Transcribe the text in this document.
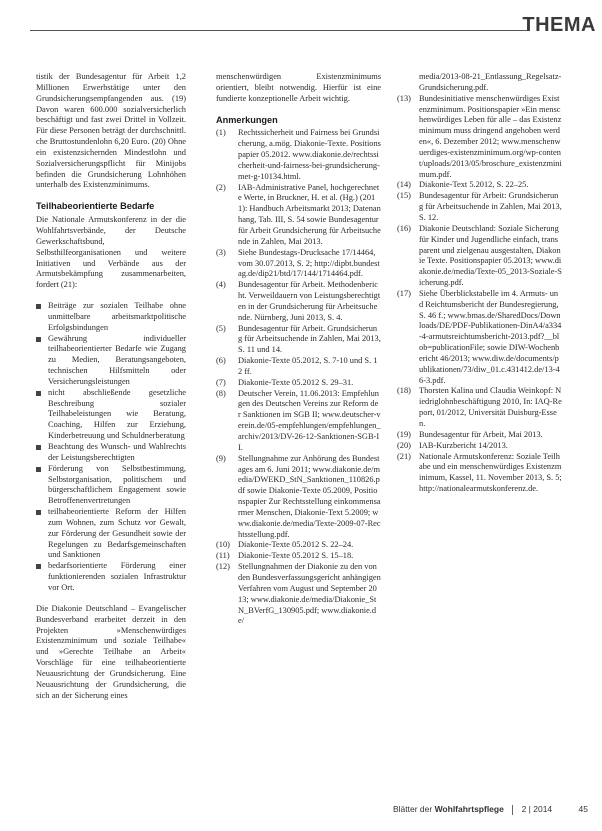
THEMA

tistik der Bundesagentur für Arbeit 1,2 Millionen Erwerbstätige unter den Grundsicherungsempfangenden aus. (19) Davon waren 600.000 sozialversicherlich beschäftigt und fast zwei Drittel in Vollzeit. Für diese Personen beträgt der durchschnittl. che Bruttostundenlohn 6,20 Euro. (20) Ohne ein existenzsichernden Mindestlohn und Sozialversicherungspflicht für Minijobs befinden die Grundsicherung Lohnhöhen unterhalb des Existenzminimums.

Teilhabeorientierte Bedarfe

Die Nationale Armutskonferenz in der die Wohlfahrtsverbände, der Deutsche Gewerkschaftsbund, Selbsthilfeorganisationen und weitere Initiativen und Verbände aus der Armutsbekämpfung zusammenarbeiten, fordert (21):

Beiträge zur sozialen Teilhabe ohne unmittelbare arbeitsmarktpolitische Erfolgsbindungen
Gewährung individueller teilhabeorientierter Bedarfe wie Zugang zu Medien, Beratungsangeboten, technischen Hilfsmitteln oder Versicherungsleistungen
nicht abschließende gesetzliche Beschreibung sozialer Teilhabeleistungen wie Beratung, Coaching, Hilfen zur Erziehung, Kinderbetreuung und Schuldnerberatung
Beachtung des Wunsch- und Wahlrechts der Leistungsberechtigten
Förderung von Selbstbestimmung, Selbstorganisation, politischem und bürgerschaftlichem Engagement sowie Betroffenenvertretungen
teilhabeorientierte Reform der Hilfen zum Wohnen, zum Schutz vor Gewalt, zur Förderung der Gesundheit sowie der Regelungen zu Bedarfsgemeinschaften und Sanktionen
bedarfsorientierte Förderung einer funktionierenden sozialen Infrastruktur vor Ort.

Die Diakonie Deutschland – Evangelischer Bundesverband erarbeitet derzeit in den Projekten »Menschenwürdiges Existenzminimum und soziale Teilhabe« und »Gerechte Teilhabe an Arbeit« Vorschläge für eine teilhabeorientierte Neuausrichtung der Grundsicherung. Eine Neuausrichtung der Grundsicherung, die sich an der Sicherung eines

menschenwürdigen Existenzminimums orientiert, bleibt notwendig. Hierfür ist eine fundierte konzeptionelle Arbeit wichtig.

Anmerkungen
(1)	Rechtssicherheit und Fairness bei Grundsicherung, a.mög. Diakonie-Texte. Positionspapier 05.2012. www.diakonie.de/rechtssicherheit-und-fairness-bei-grundsicherung-met-g-10134.html.
(2)	IAB-Administrative Panel, hochgerechnete Werte, in Bruckner, H. et al. (Hg.) (2011): Handbuch Arbeitsmarkt 2013; Datenanhang, Tab. III, S. 54 sowie Bundesagentur für Arbeit Grundsicherung für Arbeitsuchende in Zahlen, Mai 2013.
(3)	Siehe Bundestags-Drucksache 17/14464, vom 30.07.2013, S. 2; http://dipbt.bundestag.de/dip21/btd/17/144/1714464.pdf.
(4)	Bundesagentur für Arbeit. Methodenbericht. Verweildauern von Leistungsberechtigten in der Grundsicherung für Arbeitsuchende. Nürnberg, Juni 2013, S. 4.
(5)	Bundesagentur für Arbeit. Grundsicherung für Arbeitsuchende in Zahlen, Mai 2013, S. 11 und 14.
(6)	Diakonie-Texte 05.2012, S. 7-10 und S. 12 ff.
(7)	Diakonie-Texte 05.2012 S. 29–31.
(8)	Deutscher Verein, 11.06.2013: Empfehlungen des Deutschen Vereins zur Reform der Sanktionen im SGB II; www.deutscher-verein.de/05-empfehlungen/empfehlungen_archiv/2013/DV-26-12-Sanktionen-SGB-II.
(9)	Stellungnahme zur Anhörung des Bundestages am 6. Juni 2011; www.diakonie.de/media/DWEKD_StN_Sanktionen_110826.pdf sowie Diakonie-Texte 05.2009, Positionspapier Zur Rechtsstellung einkommensarmer Menschen, Diakonie-Text 5.2009; www.diakonie.de/media/Texte-2009-07-Rechtsstellung.pdf.
(10) Diakonie-Texte 05.2012 S. 22–24.
(11) Diakonie-Texte 05.2012 S. 15–18.
(12) Stellungnahmen der Diakonie zu den von den Bundesverfassungsgericht anhängigen Verfahren vom August und September 2013; www.diakonie.de/media/Diakonie_StN_BVerfG_130905.pdf; www.diakonie.de/
media/2013-08-21_Entlassung_Regelsatz-Grundsicherung.pdf.
(13) Bundesinitiative menschenwürdiges Existenzminimum. Positionspapier »Ein menschenwürdiges Leben für alle – das Existenzminimum muss dringend angehoben werden«, 6. Dezember 2012; www.menschenwuerdiges-existenzminimum.org/wp-content/uploads/2013/05/broschure_existenzminimum.pdf.
(14) Diakonie-Text 5.2012, S. 22–25.
(15) Bundesagentur für Arbeit: Grundsicherung für Arbeitsuchende in Zahlen, Mai 2013, S. 12.
(16) Diakonie Deutschland: Soziale Sicherung für Kinder und Jugendliche einfach, transparent und zielgenau ausgestalten, Diakonie Texte. Positionspapier 05.2013; www.diakonie.de/media/Texte-05_2013-Soziale-Sicherung.pdf.
(17) Siehe Überblickstabelle im 4. Armuts- und Reichtumsbericht der Bundesregierung, S. 46 f.; www.bmas.de/SharedDocs/Downloads/DE/PDF-Publikationen-DinA4/a334-4-armutsreichtumsbericht-2013.pdf?__blob=publicationFile; sowie DIW-Wochenbericht 46/2013; www.diw.de/documents/publikationen/73/diw_01.c.431412.de/13-46-3.pdf.
(18) Thorsten Kalina und Claudia Weinkopf: Niedriglohnbeschäftigung 2010, In: IAQ-Report, 01/2012, Universität Duisburg-Essen.
(19) Bundesagentur für Arbeit, Mai 2013.
(20) IAB-Kurzbericht 14/2013.
(21) Nationale Armutskonferenz: Soziale Teilhabe und ein menschenwürdiges Existenzminimum, Kassel, 11. November 2013, S. 5; http://nationalearmutskonferenz.de.
Blätter der Wohlfahrtspflege 2 | 2014	45
